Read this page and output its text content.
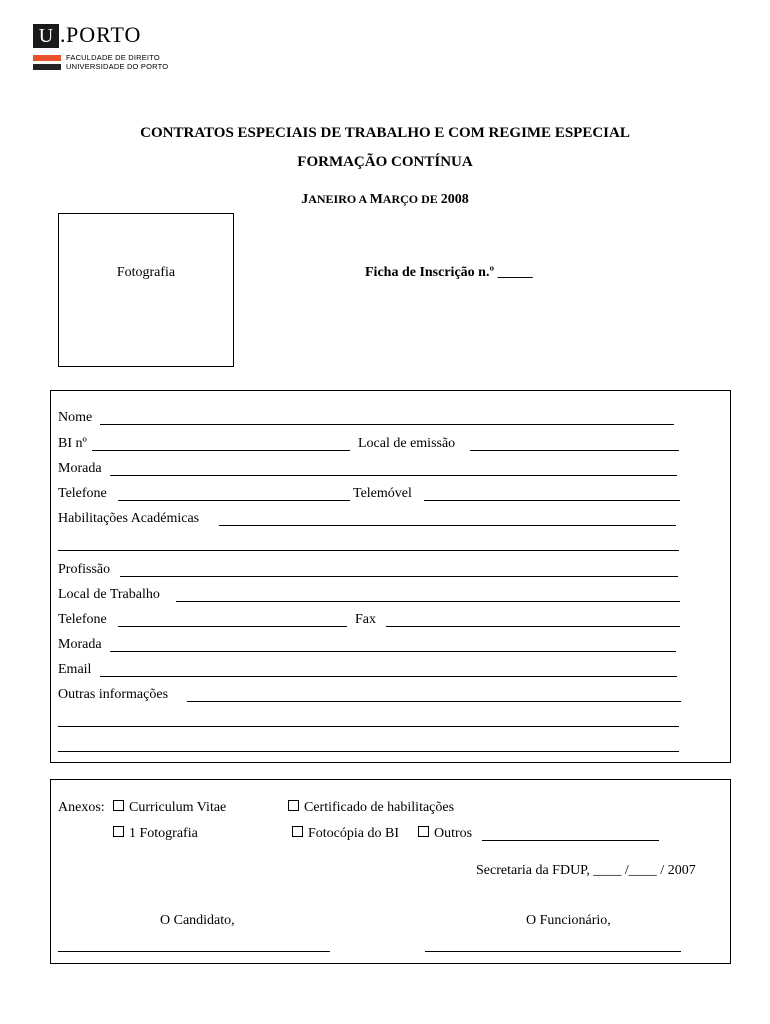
U . PORTO
FACULDADE DE DIREITO
UNIVERSIDADE DO PORTO
CONTRATOS ESPECIAIS DE TRABALHO E COM REGIME ESPECIAL
FORMAÇÃO CONTÍNUA
JANEIRO A MARÇO DE 2008
Fotografia	Ficha de Inscrição n.º _____
Nome
BI nº	Local de emissão
Morada
Telefone	Telemóvel
Habilitações Académicas
Profissão
Local de Trabalho
Telefone	Fax
Morada
Email
Outras informações
Anexos:	Curriculum Vitae	Certificado de habilitações
1 Fotografia	Fotocópia do BI	Outros
Secretaria da FDUP, ____ /____ / 2007
O Candidato,	O Funcionário,
